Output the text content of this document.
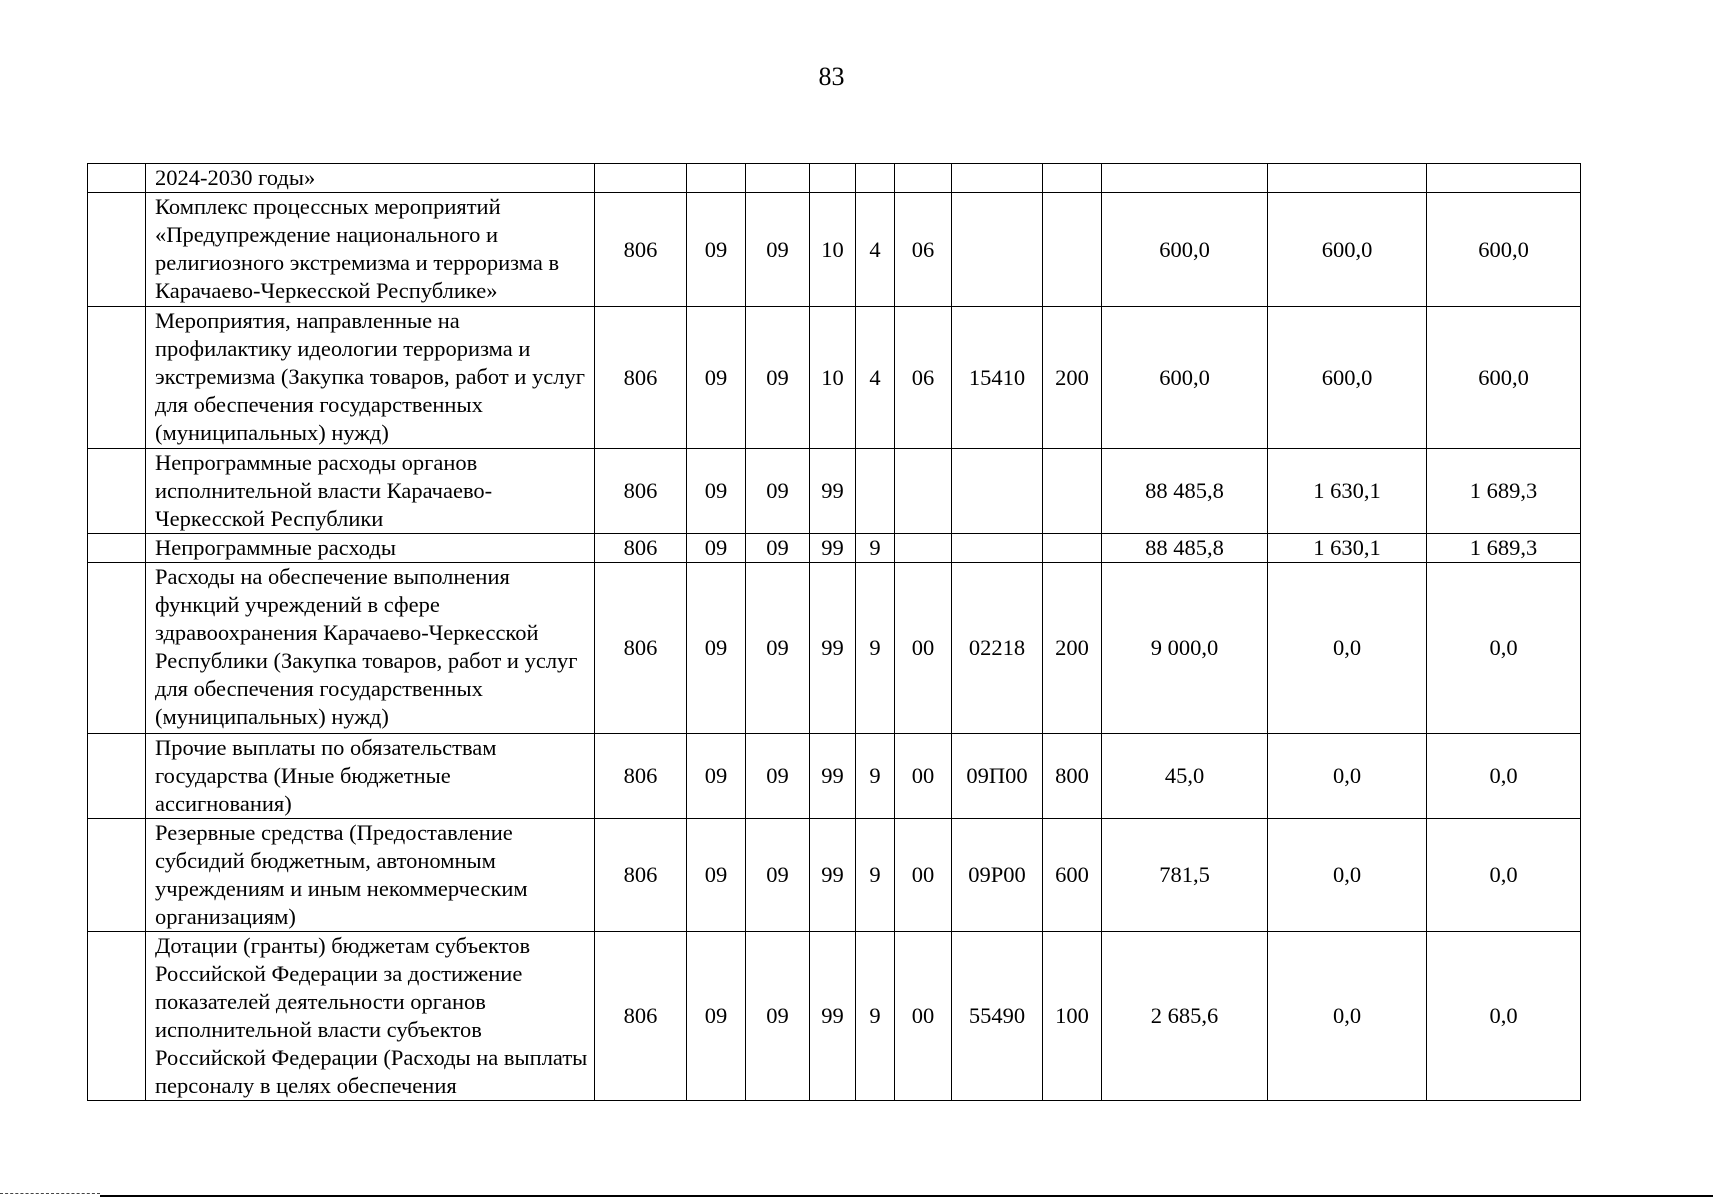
83
	2024-2030 годы»											
	Комплекс процессных мероприятий «Предупреждение национального и религиозного экстремизма и терроризма в Карачаево-Черкесской Республике»	806	09	09	10	4	06			600,0	600,0	600,0
	Мероприятия, направленные на профилактику идеологии терроризма и экстремизма (Закупка товаров, работ и услуг для обеспечения государственных (муниципальных) нужд)	806	09	09	10	4	06	15410	200	600,0	600,0	600,0
	Непрограммные расходы органов исполнительной власти Карачаево-Черкесской Республики	806	09	09	99					88 485,8	1 630,1	1 689,3
	Непрограммные расходы	806	09	09	99	9				88 485,8	1 630,1	1 689,3
	Расходы на обеспечение выполнения функций учреждений в сфере здравоохранения Карачаево-Черкесской Республики (Закупка товаров, работ и услуг для обеспечения государственных (муниципальных) нужд)	806	09	09	99	9	00	02218	200	9 000,0	0,0	0,0
	Прочие выплаты по обязательствам государства (Иные бюджетные ассигнования)	806	09	09	99	9	00	09П00	800	45,0	0,0	0,0
	Резервные средства (Предоставление субсидий бюджетным, автономным учреждениям и иным некоммерческим организациям)	806	09	09	99	9	00	09Р00	600	781,5	0,0	0,0
	Дотации (гранты) бюджетам субъектов Российской Федерации за достижение показателей деятельности органов исполнительной власти субъектов Российской Федерации (Расходы на выплаты персоналу в целях обеспечения	806	09	09	99	9	00	55490	100	2 685,6	0,0	0,0
